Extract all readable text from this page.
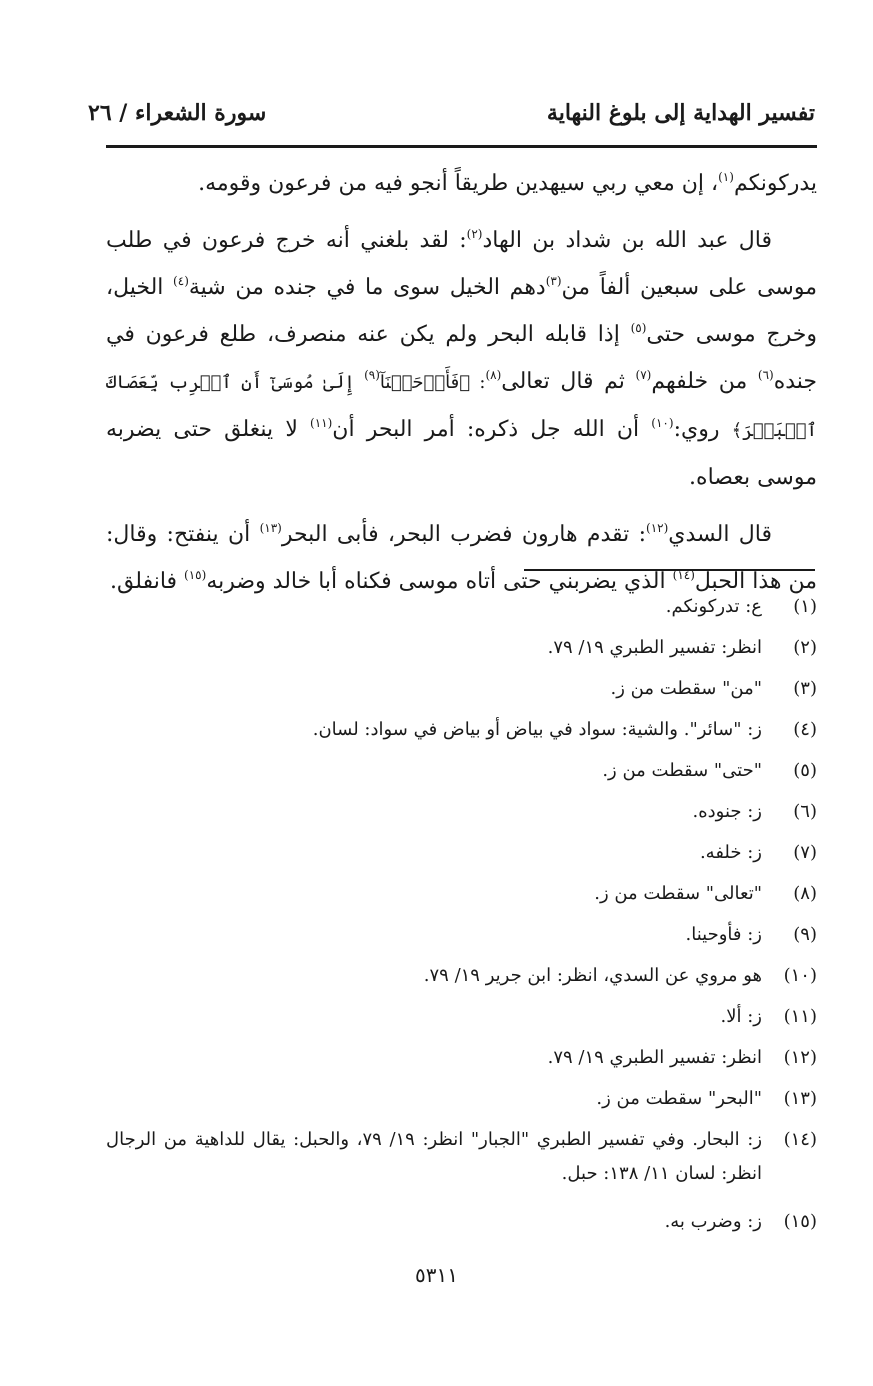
تفسير الهداية إلى بلوغ النهاية
سورة الشعراء / ٢٦

يدركونكم$^{(١)}$، إن معي ربي سيهدين طريقاً أنجو فيه من فرعون وقومه.

قال عبد الله بن شداد بن الهاد$^{(٢)}$: لقد بلغني أنه خرج فرعون في طلب موسى على سبعين ألفاً من$^{(٣)}$دهم الخيل سوى ما في جنده من شية$^{(٤)}$ الخيل، وخرج موسى حتى$^{(٥)}$ إذا قابله البحر ولم يكن عنه منصرف، طلع فرعون في جنده$^{(٦)}$ من خلفهم$^{(٧)}$ ثم قال تعالى$^{(٨)}$: ﴿فَأَوۡحَيۡنَآ$^{(٩)}$ إِلَىٰ مُوسَىٰٓ أَنِ ٱضۡرِب بِّعَصَاكَ ٱلۡبَحۡرَ﴾ روي:$^{(١٠)}$ أن الله جل ذكره: أمر البحر أن$^{(١١)}$ لا ينغلق حتى يضربه موسى بعصاه.

قال السدي$^{(١٢)}$: تقدم هارون فضرب البحر، فأبى البحر$^{(١٣)}$ أن ينفتح: وقال: من هذا الحبل$^{(١٤)}$ الذي يضربني حتى أتاه موسى فكناه أبا خالد وضربه$^{(١٥)}$ فانفلق.

(١)
ع: تدركونكم.
(٢)
انظر: تفسير الطبري ١٩/ ٧٩.
(٣)
"من" سقطت من ز.
(٤)
ز: "سائر". والشية: سواد في بياض أو بياض في سواد: لسان.
(٥)
"حتى" سقطت من ز.
(٦)
ز: جنوده.
(٧)
ز: خلفه.
(٨)
"تعالى" سقطت من ز.
(٩)
ز: فأوحينا.
(١٠)
هو مروي عن السدي، انظر: ابن جرير ١٩/ ٧٩.
(١١)
ز: ألا.
(١٢)
انظر: تفسير الطبري ١٩/ ٧٩.
(١٣)
"البحر" سقطت من ز.
(١٤)
ز: البحار. وفي تفسير الطبري "الجبار" انظر: ١٩/ ٧٩، والحبل: يقال للداهية من الرجال انظر: لسان ١١/ ١٣٨: حبل.
(١٥)
ز: وضرب به.
٥٣١١
